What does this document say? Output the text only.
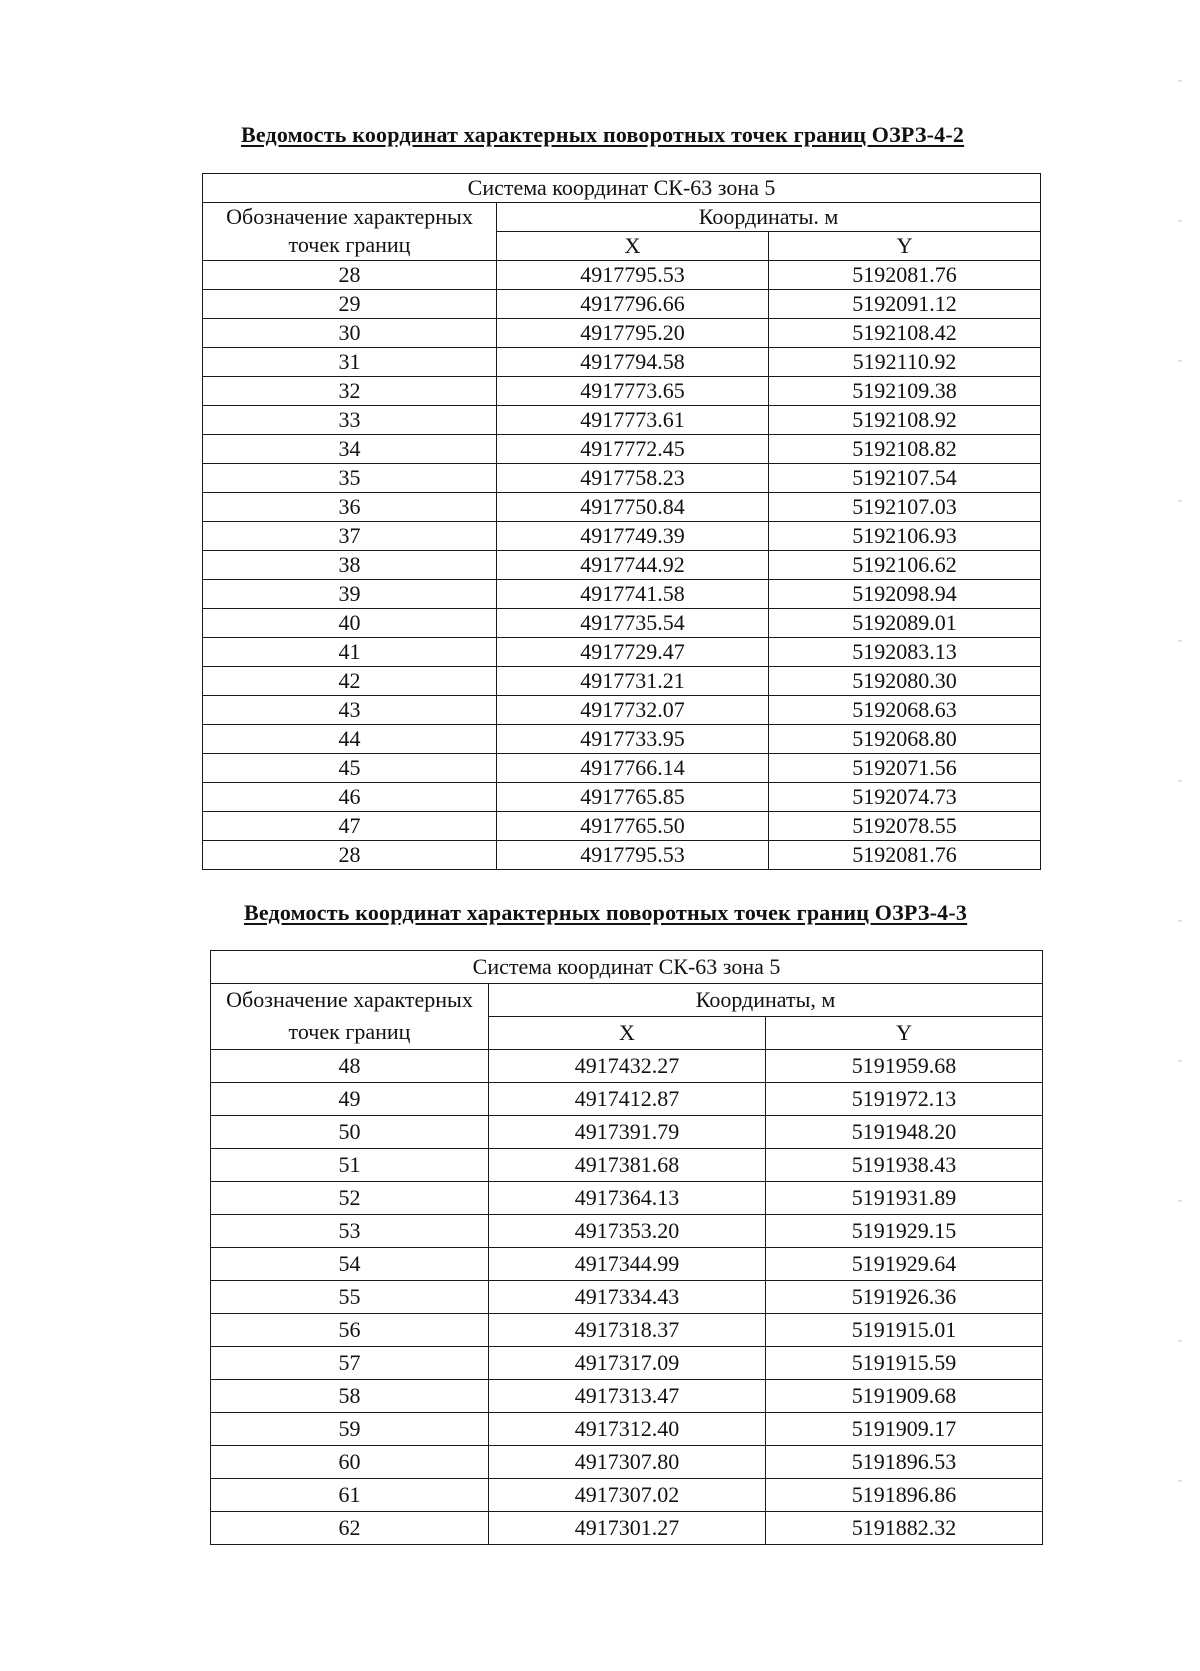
Ведомость координат характерных поворотных точек границ ОЗРЗ-4-2
Система координат СК-63 зона 5		

Обозначение характерных
точек границ	Координаты. м	
	X	Y
28	4917795.53	5192081.76
29	4917796.66	5192091.12
30	4917795.20	5192108.42
31	4917794.58	5192110.92
32	4917773.65	5192109.38
33	4917773.61	5192108.92
34	4917772.45	5192108.82
35	4917758.23	5192107.54
36	4917750.84	5192107.03
37	4917749.39	5192106.93
38	4917744.92	5192106.62
39	4917741.58	5192098.94
40	4917735.54	5192089.01
41	4917729.47	5192083.13
42	4917731.21	5192080.30
43	4917732.07	5192068.63
44	4917733.95	5192068.80
45	4917766.14	5192071.56
46	4917765.85	5192074.73
47	4917765.50	5192078.55
28	4917795.53	5192081.76
Ведомость координат характерных поворотных точек границ ОЗРЗ-4-3
Система координат СК-63 зона 5		

Обозначение характерных
точек границ	Координаты, м	
	X	Y
48	4917432.27	5191959.68
49	4917412.87	5191972.13
50	4917391.79	5191948.20
51	4917381.68	5191938.43
52	4917364.13	5191931.89
53	4917353.20	5191929.15
54	4917344.99	5191929.64
55	4917334.43	5191926.36
56	4917318.37	5191915.01
57	4917317.09	5191915.59
58	4917313.47	5191909.68
59	4917312.40	5191909.17
60	4917307.80	5191896.53
61	4917307.02	5191896.86
62	4917301.27	5191882.32
